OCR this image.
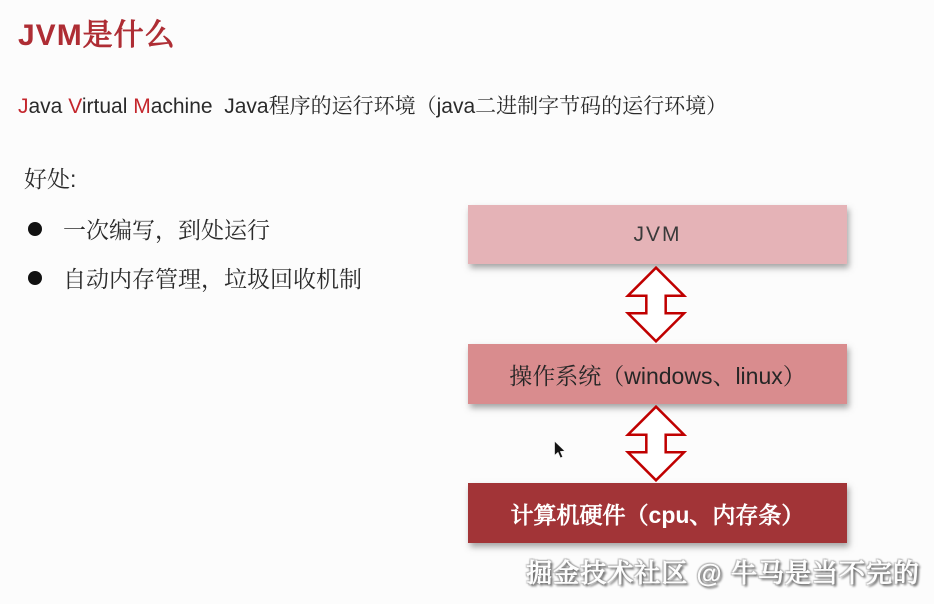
JVM是什么
Java Virtual Machine  Java程序的运行环境（java二进制字节码的运行环境）
好处:
一次编写，到处运行
自动内存管理，垃圾回收机制
JVM
操作系统（windows、linux）
计算机硬件（cpu、内存条）
掘金技术社区 @ 牛马是当不完的
